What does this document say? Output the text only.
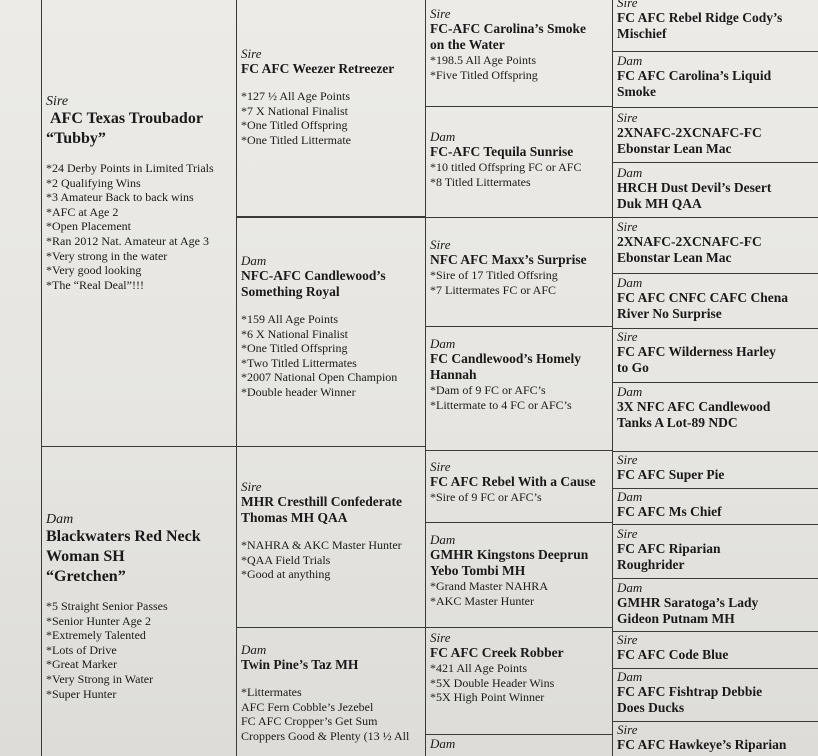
Sire
AFC Texas Troubador
“Tubby”
*24 Derby Points in Limited Trials
*2 Qualifying Wins
*3 Amateur Back to back wins
*AFC at Age 2
*Open Placement
*Ran 2012 Nat. Amateur at Age 3
*Very strong in the water
*Very good looking
*The “Real Deal”!!!
Dam
Blackwaters Red Neck
Woman SH
“Gretchen”
*5 Straight Senior Passes
*Senior Hunter Age 2
*Extremely Talented
*Lots of Drive
*Great Marker
*Very Strong in Water
*Super Hunter
Sire
FC AFC Weezer Retreezer
*127 ½ All Age Points
*7 X National Finalist
*One Titled Offspring
*One Titled Littermate
Dam
NFC-AFC Candlewood’s
Something Royal
*159 All Age Points
*6 X National Finalist
*One Titled Offspring
*Two Titled Littermates
*2007 National Open Champion
*Double header Winner
Sire
MHR Cresthill Confederate
Thomas MH QAA
*NAHRA & AKC Master Hunter
*QAA Field Trials
*Good at anything
Dam
Twin Pine’s Taz MH
*Littermates
AFC Fern Cobble’s Jezebel
FC AFC Cropper’s Get Sum
Croppers Good & Plenty (13 ½ All
Sire
FC-AFC Carolina’s Smoke
on the Water
*198.5 All Age Points
*Five Titled Offspring
Dam
FC-AFC Tequila Sunrise
*10 titled Offspring FC or AFC
*8 Titled Littermates
Sire
NFC AFC Maxx’s Surprise
*Sire of 17 Titled Offsring
*7 Littermates FC or AFC
Dam
FC Candlewood’s Homely
Hannah
*Dam of 9 FC or AFC’s
*Littermate to 4 FC or AFC’s
Sire
FC AFC Rebel With a Cause
*Sire of 9 FC or AFC’s
Dam
GMHR Kingstons Deeprun
Yebo Tombi MH
*Grand Master NAHRA
*AKC Master Hunter
Sire
FC AFC Creek Robber
*421 All Age Points
*5X Double Header Wins
*5X High Point Winner
Dam
Sire
FC AFC Rebel Ridge Cody’s
Mischief
Dam
FC AFC Carolina’s Liquid
Smoke
Sire
2XNAFC-2XCNAFC-FC
Ebonstar Lean Mac
Dam
HRCH Dust Devil’s Desert
Duk MH QAA
Sire
2XNAFC-2XCNAFC-FC
Ebonstar Lean Mac
Dam
FC AFC CNFC CAFC Chena
River No Surprise
Sire
FC AFC Wilderness Harley
to Go
Dam
3X NFC AFC Candlewood
Tanks A Lot-89 NDC
Sire
FC AFC Super Pie
Dam
FC AFC Ms Chief
Sire
FC AFC Riparian
Roughrider
Dam
GMHR Saratoga’s Lady
Gideon Putnam MH
Sire
FC AFC Code Blue
Dam
FC AFC Fishtrap Debbie
Does Ducks
Sire
FC AFC Hawkeye’s Riparian
